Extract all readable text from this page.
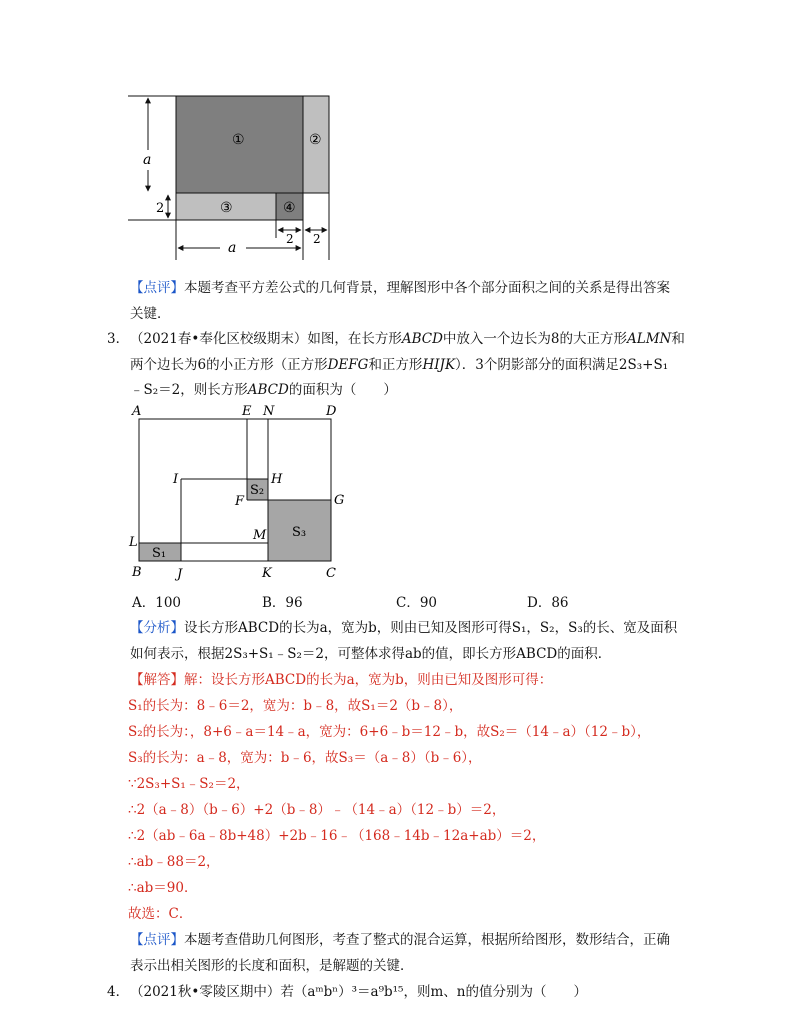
①	②
③	④
a
2
a
2 2
【点评】本题考查平方差公式的几何背景，理解图形中各个部分面积之间的关系是得出答案
关键．
3． （2021春•奉化区校级期末）如图，在长方形ABCD中放入一个边长为8的大正方形ALMN和
两个边长为6的小正方形（正方形DEFG和正方形HIJK）．3个阴影部分的面积满足2S₃+S₁
﹣S₂＝2，则长方形ABCD的面积为（　　）
A	E N	D
I	H
F	G
L	M
B	J	K	C
S₁
S₂
S₃
A．100	B．96	C．90	D．86
【分析】设长方形ABCD的长为a，宽为b，则由已知及图形可得S₁，S₂，S₃的长、宽及面积
如何表示，根据2S₃+S₁﹣S₂＝2，可整体求得ab的值，即长方形ABCD的面积．
【解答】解：设长方形ABCD的长为a，宽为b，则由已知及图形可得：
S₁的长为：8﹣6＝2，宽为：b﹣8，故S₁＝2（b﹣8），
S₂的长为：，8+6﹣a＝14﹣a，宽为：6+6﹣b＝12﹣b，故S₂＝（14﹣a）（12﹣b），
S₃的长为：a﹣8，宽为：b﹣6，故S₃＝（a﹣8）（b﹣6），
∵2S₃+S₁﹣S₂＝2，
∴2（a﹣8）（b﹣6）+2（b﹣8）﹣（14﹣a）（12﹣b）＝2，
∴2（ab﹣6a﹣8b+48）+2b﹣16﹣（168﹣14b﹣12a+ab）＝2，
∴ab﹣88＝2，
∴ab＝90．
故选：C．
【点评】本题考查借助几何图形，考查了整式的混合运算，根据所给图形，数形结合，正确
表示出相关图形的长度和面积，是解题的关键．
4． （2021秋•零陵区期中）若（aᵐbⁿ）³＝a⁹b¹⁵，则m、n的值分别为（　　）
